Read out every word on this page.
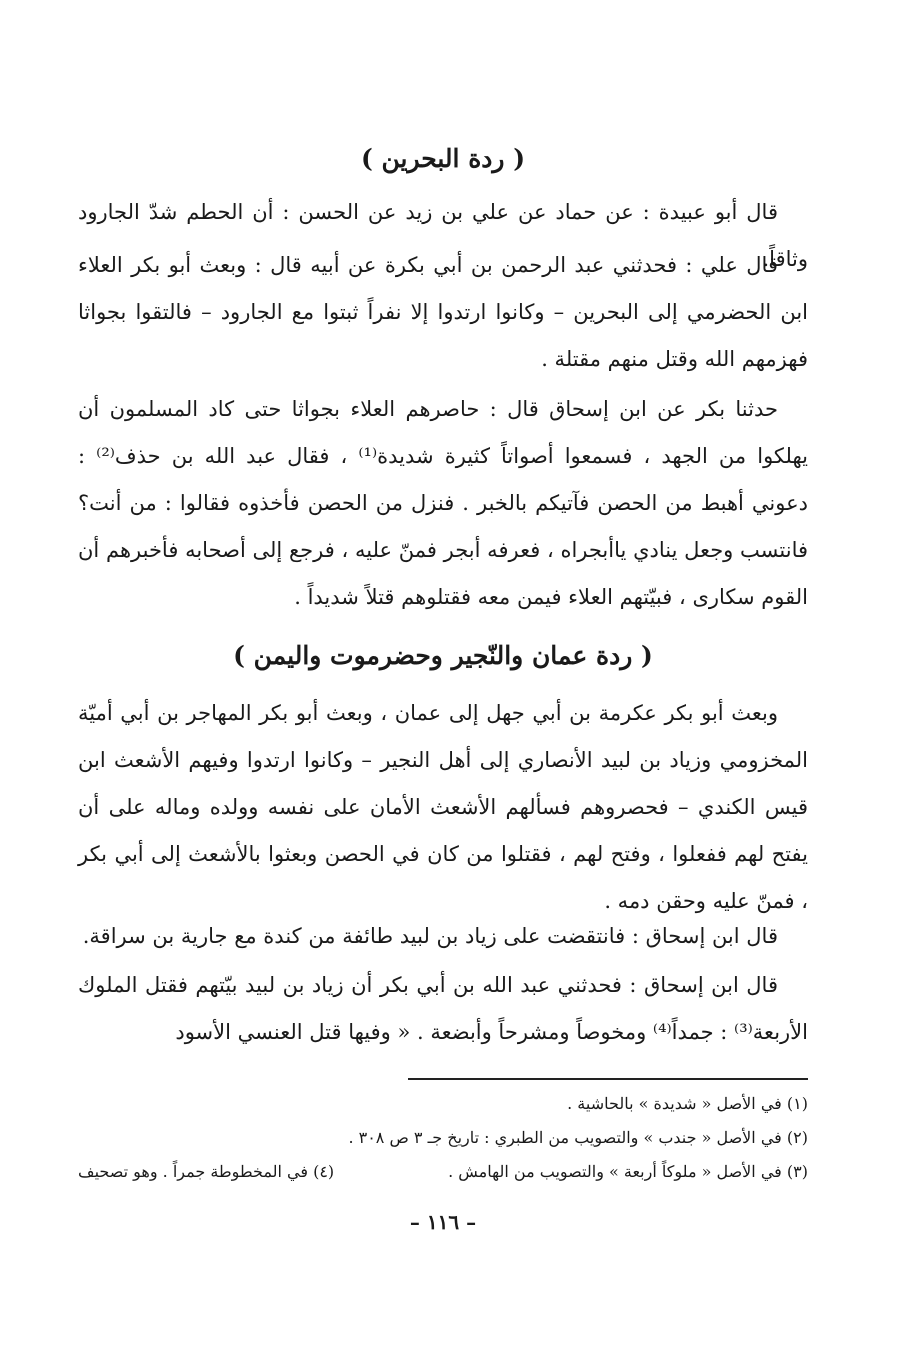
( ردة البحرين )

قال أبو عبيدة : عن حماد عن علي بن زيد عن الحسن : أن الحطم شدّ الجارود وثاقاً.

قال علي : فحدثني عبد الرحمن بن أبي بكرة عن أبيه قال : وبعث أبو بكر العلاء ابن الحضرمي إلى البحرين – وكانوا ارتدوا إلا نفراً ثبتوا مع الجارود – فالتقوا بجواثا فهزمهم الله وقتل منهم مقتلة .

حدثنا بكر عن ابن إسحاق قال : حاصرهم العلاء بجواثا حتى كاد المسلمون أن يهلكوا من الجهد ، فسمعوا أصواتاً كثيرة شديدة⁽¹⁾ ، فقال عبد الله بن حذف⁽²⁾ : دعوني أهبط من الحصن فآتيكم بالخبر . فنزل من الحصن فأخذوه فقالوا : من أنت؟ فانتسب وجعل ينادي ياأبجراه ، فعرفه أبجر فمنّ عليه ، فرجع إلى أصحابه فأخبرهم أن القوم سكارى ، فبيّتهم العلاء فيمن معه فقتلوهم قتلاً شديداً .

( ردة عمان والنّجير وحضرموت واليمن )

وبعث أبو بكر عكرمة بن أبي جهل إلى عمان ، وبعث أبو بكر المهاجر بن أبي أميّة المخزومي وزياد بن لبيد الأنصاري إلى أهل النجير – وكانوا ارتدوا وفيهم الأشعث ابن قيس الكندي – فحصروهم فسألهم الأشعث الأمان على نفسه وولده وماله على أن يفتح لهم ففعلوا ، وفتح لهم ، فقتلوا من كان في الحصن وبعثوا بالأشعث إلى أبي بكر ، فمنّ عليه وحقن دمه .

قال ابن إسحاق : فانتقضت على زياد بن لبيد طائفة من كندة مع جارية بن سراقة.

قال ابن إسحاق : فحدثني عبد الله بن أبي بكر أن زياد بن لبيد بيّتهم فقتل الملوك الأربعة⁽³⁾ : جمداً⁽⁴⁾ ومخوصاً ومشرحاً وأبضعة . « وفيها قتل العنسي الأسود

(١) في الأصل « شديدة » بالحاشية .
(٢) في الأصل « جندب » والتصويب من الطبري : تاريخ جـ ٣ ص ٣٠٨ .
(٣) في الأصل « ملوكاً أربعة » والتصويب من الهامش .
(٤) في المخطوطة جمراً . وهو تصحيف
– ١١٦ –
